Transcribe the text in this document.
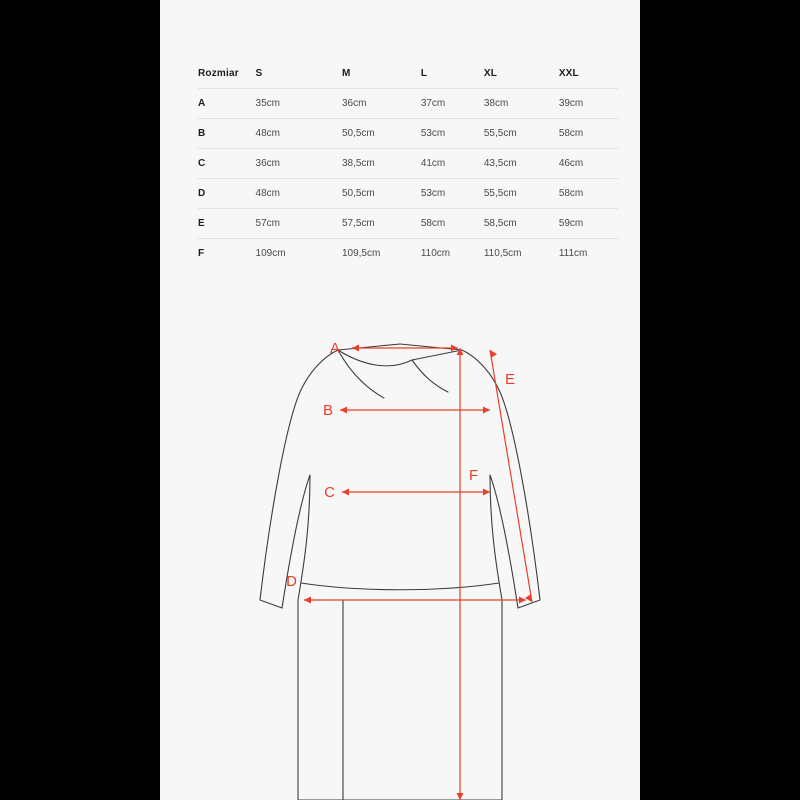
Rozmiar	S	M	L	XL	XXL
A	35cm	36cm	37cm	38cm	39cm
B	48cm	50,5cm	53cm	55,5cm	58cm
C	36cm	38,5cm	41cm	43,5cm	46cm
D	48cm	50,5cm	53cm	55,5cm	58cm
E	57cm	57,5cm	58cm	58,5cm	59cm
F	109cm	109,5cm	110cm	110,5cm	111cm
A
B
C
D
E
F
